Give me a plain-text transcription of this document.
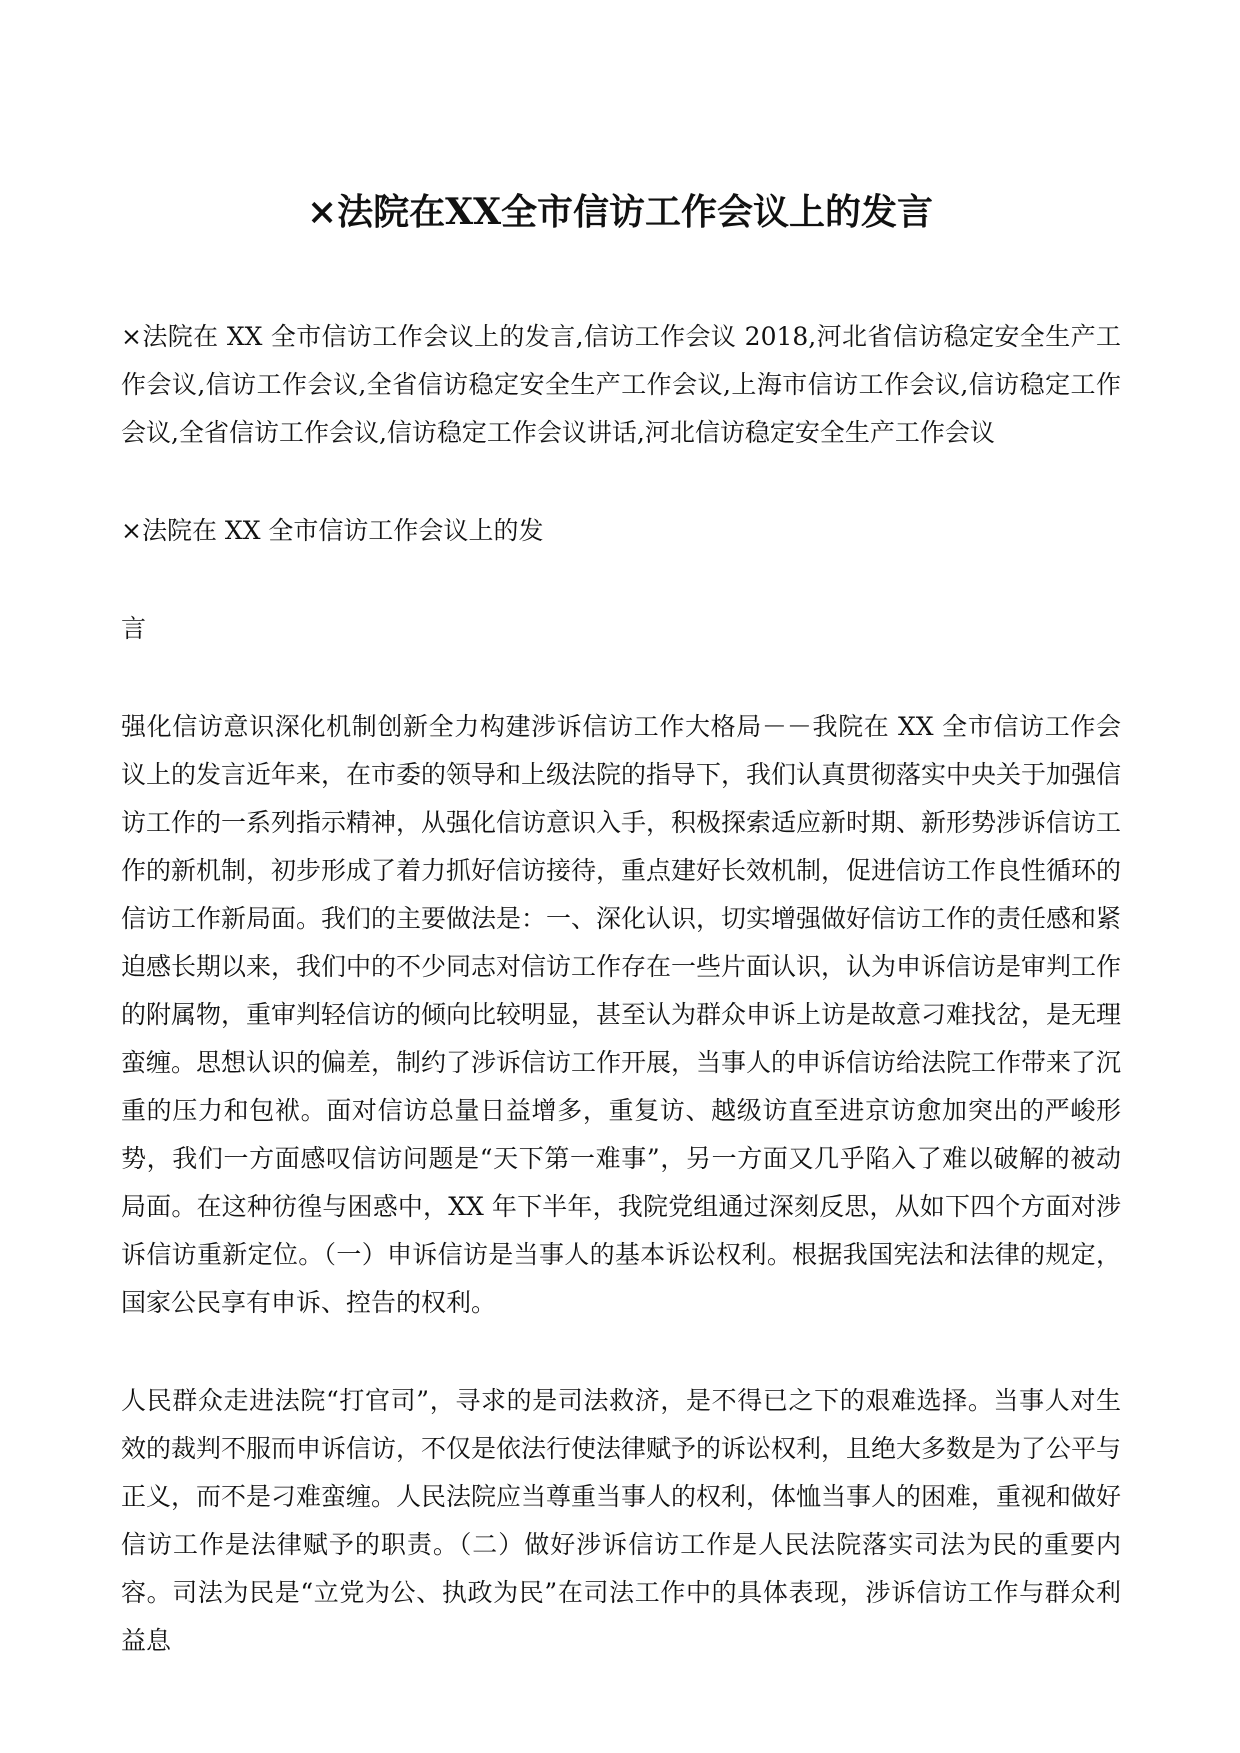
×法院在XX全市信访工作会议上的发言

×法院在 XX 全市信访工作会议上的发言,信访工作会议 2018,河北省信访稳定安全生产工作会议,信访工作会议,全省信访稳定安全生产工作会议,上海市信访工作会议,信访稳定工作会议,全省信访工作会议,信访稳定工作会议讲话,河北信访稳定安全生产工作会议

×法院在 XX 全市信访工作会议上的发

言

强化信访意识深化机制创新全力构建涉诉信访工作大格局－－我院在 XX 全市信访工作会议上的发言近年来，在市委的领导和上级法院的指导下，我们认真贯彻落实中央关于加强信访工作的一系列指示精神，从强化信访意识入手，积极探索适应新时期、新形势涉诉信访工作的新机制，初步形成了着力抓好信访接待，重点建好长效机制，促进信访工作良性循环的信访工作新局面。我们的主要做法是：一、深化认识，切实增强做好信访工作的责任感和紧迫感长期以来，我们中的不少同志对信访工作存在一些片面认识，认为申诉信访是审判工作的附属物，重审判轻信访的倾向比较明显，甚至认为群众申诉上访是故意刁难找岔，是无理蛮缠。思想认识的偏差，制约了涉诉信访工作开展，当事人的申诉信访给法院工作带来了沉重的压力和包袱。面对信访总量日益增多，重复访、越级访直至进京访愈加突出的严峻形势，我们一方面感叹信访问题是“天下第一难事”，另一方面又几乎陷入了难以破解的被动局面。在这种彷徨与困惑中，XX 年下半年，我院党组通过深刻反思，从如下四个方面对涉诉信访重新定位。（一）申诉信访是当事人的基本诉讼权利。根据我国宪法和法律的规定，国家公民享有申诉、控告的权利。

人民群众走进法院“打官司”，寻求的是司法救济，是不得已之下的艰难选择。当事人对生效的裁判不服而申诉信访，不仅是依法行使法律赋予的诉讼权利，且绝大多数是为了公平与正义，而不是刁难蛮缠。人民法院应当尊重当事人的权利，体恤当事人的困难，重视和做好信访工作是法律赋予的职责。（二）做好涉诉信访工作是人民法院落实司法为民的重要内容。司法为民是“立党为公、执政为民”在司法工作中的具体表现，涉诉信访工作与群众利益息
